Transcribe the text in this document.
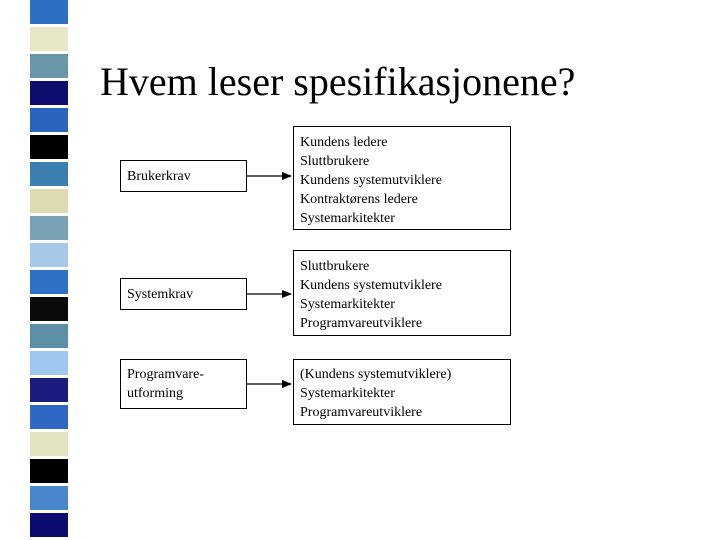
Hvem leser spesifikasjonene?
Brukerkrav
Kundens ledere
Sluttbrukere
Kundens systemutviklere
Kontraktørens ledere
Systemarkitekter
Systemkrav
Sluttbrukere
Kundens systemutviklere
Systemarkitekter
Programvareutviklere
Programvare-
utforming
(Kundens systemutviklere)
Systemarkitekter
Programvareutviklere
